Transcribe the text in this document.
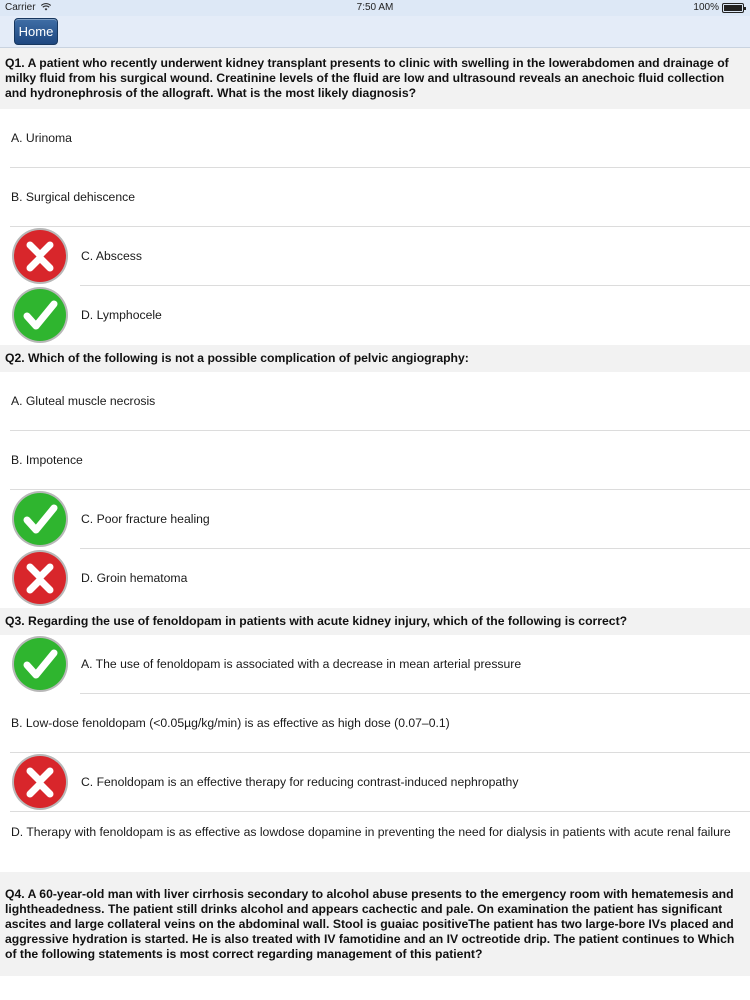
Carrier	7:50 AM	100%
Home
Q1. A patient who recently underwent kidney transplant presents to clinic with swelling in the lowerabdomen and drainage of milky fluid from his surgical wound. Creatinine levels of the fluid are low and ultrasound reveals an anechoic fluid collection and hydronephrosis of the allograft. What is the most likely diagnosis?
A. Urinoma
B. Surgical dehiscence
C. Abscess
D. Lymphocele
Q2. Which of the following is not a possible complication of pelvic angiography:
A. Gluteal muscle necrosis
B. Impotence
C. Poor fracture healing
D. Groin hematoma
Q3. Regarding the use of fenoldopam in patients with acute kidney injury, which of the following is correct?
A. The use of fenoldopam is associated with a decrease in mean arterial pressure
B. Low-dose fenoldopam (<0.05µg/kg/min) is as effective as high dose (0.07–0.1)
C. Fenoldopam is an effective therapy for reducing contrast-induced nephropathy
D. Therapy with fenoldopam is as effective as lowdose dopamine in preventing the need for dialysis in patients with acute renal failure
Q4. A 60-year-old man with liver cirrhosis secondary to alcohol abuse presents to the emergency room with hematemesis and lightheadedness. The patient still drinks alcohol and appears cachectic and pale. On examination the patient has significant ascites and large collateral veins on the abdominal wall. Stool is guaiac positiveThe patient has two large-bore IVs placed and aggressive hydration is started. He is also treated with IV famotidine and an IV octreotide drip. The patient continues to Which of the following statements is most correct regarding management of this patient?
